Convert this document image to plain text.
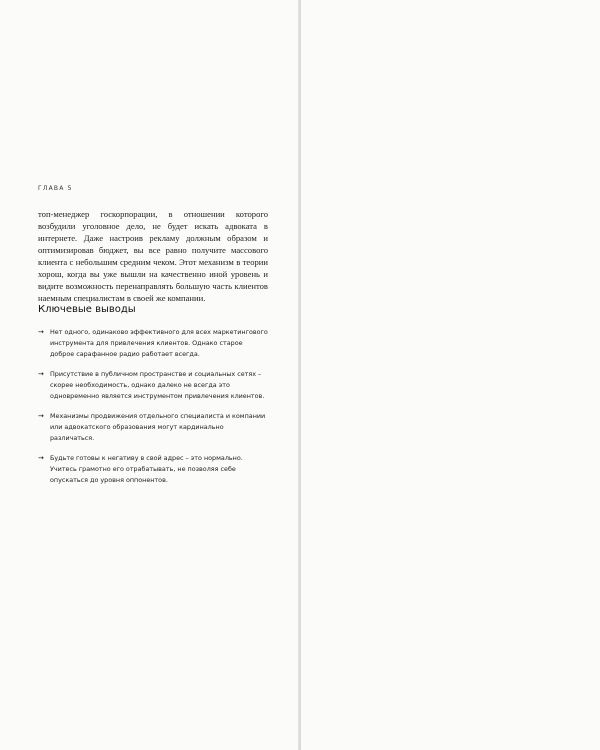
ГЛАВА 5

топ-менеджер госкорпорации, в отношении которого возбудили уголовное дело, не будет искать адвоката в интернете. Даже настроив рекламу должным образом и оптимизировав бюджет, вы все равно получите массового клиента с небольшим средним чеком. Этот механизм в теории хорош, когда вы уже вышли на качественно иной уровень и видите возможность перенаправлять большую часть клиентов наемным специалистам в своей же компании.

Ключевые выводы
→ Нет одного, одинаково эффективного для всех маркетингового инструмента для привлечения клиентов. Однако старое доброе сарафанное радио работает всегда.
→ Присутствие в публичном пространстве и социальных сетях – скорее необходимость, однако далеко не всегда это одновременно является инструментом привлечения клиентов.
→ Механизмы продвижения отдельного специалиста и компании или адвокатского образования могут кардинально различаться.
→ Будьте готовы к негативу в свой адрес – это нормально. Учитесь грамотно его отрабатывать, не позволяя себе опускаться до уровня оппонентов.
